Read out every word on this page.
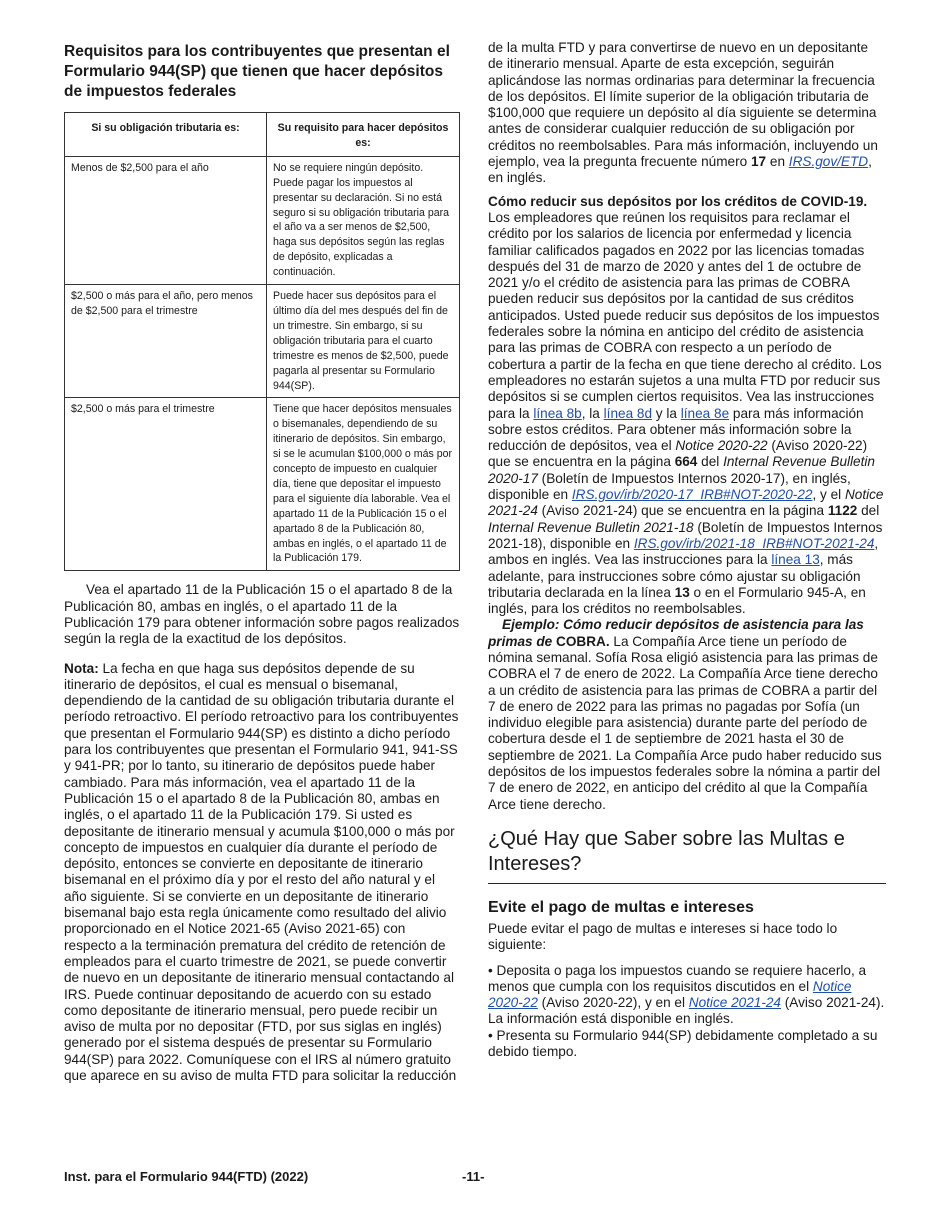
Requisitos para los contribuyentes que presentan el Formulario 944(SP) que tienen que hacer depósitos de impuestos federales
Si su obligación tributaria es:	Su requisito para hacer depósitos es:
Menos de $2,500 para el año	No se requiere ningún depósito. Puede pagar los impuestos al presentar su declaración. Si no está seguro si su obligación tributaria para el año va a ser menos de $2,500, haga sus depósitos según las reglas de depósito, explicadas a continuación.
$2,500 o más para el año, pero menos de $2,500 para el trimestre	Puede hacer sus depósitos para el último día del mes después del fin de un trimestre. Sin embargo, si su obligación tributaria para el cuarto trimestre es menos de $2,500, puede pagarla al presentar su Formulario 944(SP).
$2,500 o más para el trimestre	Tiene que hacer depósitos mensuales o bisemanales, dependiendo de su itinerario de depósitos. Sin embargo, si se le acumulan $100,000 o más por concepto de impuesto en cualquier día, tiene que depositar el impuesto para el siguiente día laborable. Vea el apartado 11 de la Publicación 15 o el apartado 8 de la Publicación 80, ambas en inglés, o el apartado 11 de la Publicación 179.

Vea el apartado 11 de la Publicación 15 o el apartado 8 de la Publicación 80, ambas en inglés, o el apartado 11 de la Publicación 179 para obtener información sobre pagos realizados según la regla de la exactitud de los depósitos.

Nota: La fecha en que haga sus depósitos depende de su itinerario de depósitos, el cual es mensual o bisemanal, dependiendo de la cantidad de su obligación tributaria durante el período retroactivo. El período retroactivo para los contribuyentes que presentan el Formulario 944(SP) es distinto a dicho período para los contribuyentes que presentan el Formulario 941, 941-SS y 941-PR; por lo tanto, su itinerario de depósitos puede haber cambiado. Para más información, vea el apartado 11 de la Publicación 15 o el apartado 8 de la Publicación 80, ambas en inglés, o el apartado 11 de la Publicación 179. Si usted es depositante de itinerario mensual y acumula $100,000 o más por concepto de impuestos en cualquier día durante el período de depósito, entonces se convierte en depositante de itinerario bisemanal en el próximo día y por el resto del año natural y el año siguiente. Si se convierte en un depositante de itinerario bisemanal bajo esta regla únicamente como resultado del alivio proporcionado en el Notice 2021-65 (Aviso 2021-65) con respecto a la terminación prematura del crédito de retención de empleados para el cuarto trimestre de 2021, se puede convertir de nuevo en un depositante de itinerario mensual contactando al IRS. Puede continuar depositando de acuerdo con su estado como depositante de itinerario mensual, pero puede recibir un aviso de multa por no depositar (FTD, por sus siglas en inglés) generado por el sistema después de presentar su Formulario 944(SP) para 2022. Comuníquese con el IRS al número gratuito que aparece en su aviso de multa FTD para solicitar la reducción

de la multa FTD y para convertirse de nuevo en un depositante de itinerario mensual. Aparte de esta excepción, seguirán aplicándose las normas ordinarias para determinar la frecuencia de los depósitos. El límite superior de la obligación tributaria de $100,000 que requiere un depósito al día siguiente se determina antes de considerar cualquier reducción de su obligación por créditos no reembolsables. Para más información, incluyendo un ejemplo, vea la pregunta frecuente número 17 en IRS.gov/ETD, en inglés.

Cómo reducir sus depósitos por los créditos de COVID-19. Los empleadores que reúnen los requisitos para reclamar el crédito por los salarios de licencia por enfermedad y licencia familiar calificados pagados en 2022 por las licencias tomadas después del 31 de marzo de 2020 y antes del 1 de octubre de 2021 y/o el crédito de asistencia para las primas de COBRA pueden reducir sus depósitos por la cantidad de sus créditos anticipados. Usted puede reducir sus depósitos de los impuestos federales sobre la nómina en anticipo del crédito de asistencia para las primas de COBRA con respecto a un período de cobertura a partir de la fecha en que tiene derecho al crédito. Los empleadores no estarán sujetos a una multa FTD por reducir sus depósitos si se cumplen ciertos requisitos. Vea las instrucciones para la línea 8b, la línea 8d y la línea 8e para más información sobre estos créditos. Para obtener más información sobre la reducción de depósitos, vea el Notice 2020-22 (Aviso 2020-22) que se encuentra en la página 664 del Internal Revenue Bulletin 2020-17 (Boletín de Impuestos Internos 2020-17), en inglés, disponible en IRS.gov/irb/2020-17_IRB#NOT-2020-22, y el Notice 2021-24 (Aviso 2021-24) que se encuentra en la página 1122 del Internal Revenue Bulletin 2021-18 (Boletín de Impuestos Internos 2021-18), disponible en IRS.gov/irb/2021-18_IRB#NOT-2021-24, ambos en inglés. Vea las instrucciones para la línea 13, más adelante, para instrucciones sobre cómo ajustar su obligación tributaria declarada en la línea 13 o en el Formulario 945-A, en inglés, para los créditos no reembolsables.

Ejemplo: Cómo reducir depósitos de asistencia para las primas de COBRA. La Compañía Arce tiene un período de nómina semanal. Sofía Rosa eligió asistencia para las primas de COBRA el 7 de enero de 2022. La Compañía Arce tiene derecho a un crédito de asistencia para las primas de COBRA a partir del 7 de enero de 2022 para las primas no pagadas por Sofía (un individuo elegible para asistencia) durante parte del período de cobertura desde el 1 de septiembre de 2021 hasta el 30 de septiembre de 2021. La Compañía Arce pudo haber reducido sus depósitos de los impuestos federales sobre la nómina a partir del 7 de enero de 2022, en anticipo del crédito al que la Compañía Arce tiene derecho.

¿Qué Hay que Saber sobre las Multas e Intereses?
Evite el pago de multas e intereses

Puede evitar el pago de multas e intereses si hace todo lo siguiente:

• Deposita o paga los impuestos cuando se requiere hacerlo, a menos que cumpla con los requisitos discutidos en el Notice 2020-22 (Aviso 2020-22), y en el Notice 2021-24 (Aviso 2021-24). La información está disponible en inglés.

• Presenta su Formulario 944(SP) debidamente completado a su debido tiempo.

Inst. para el Formulario 944(FTD) (2022)	-11-
